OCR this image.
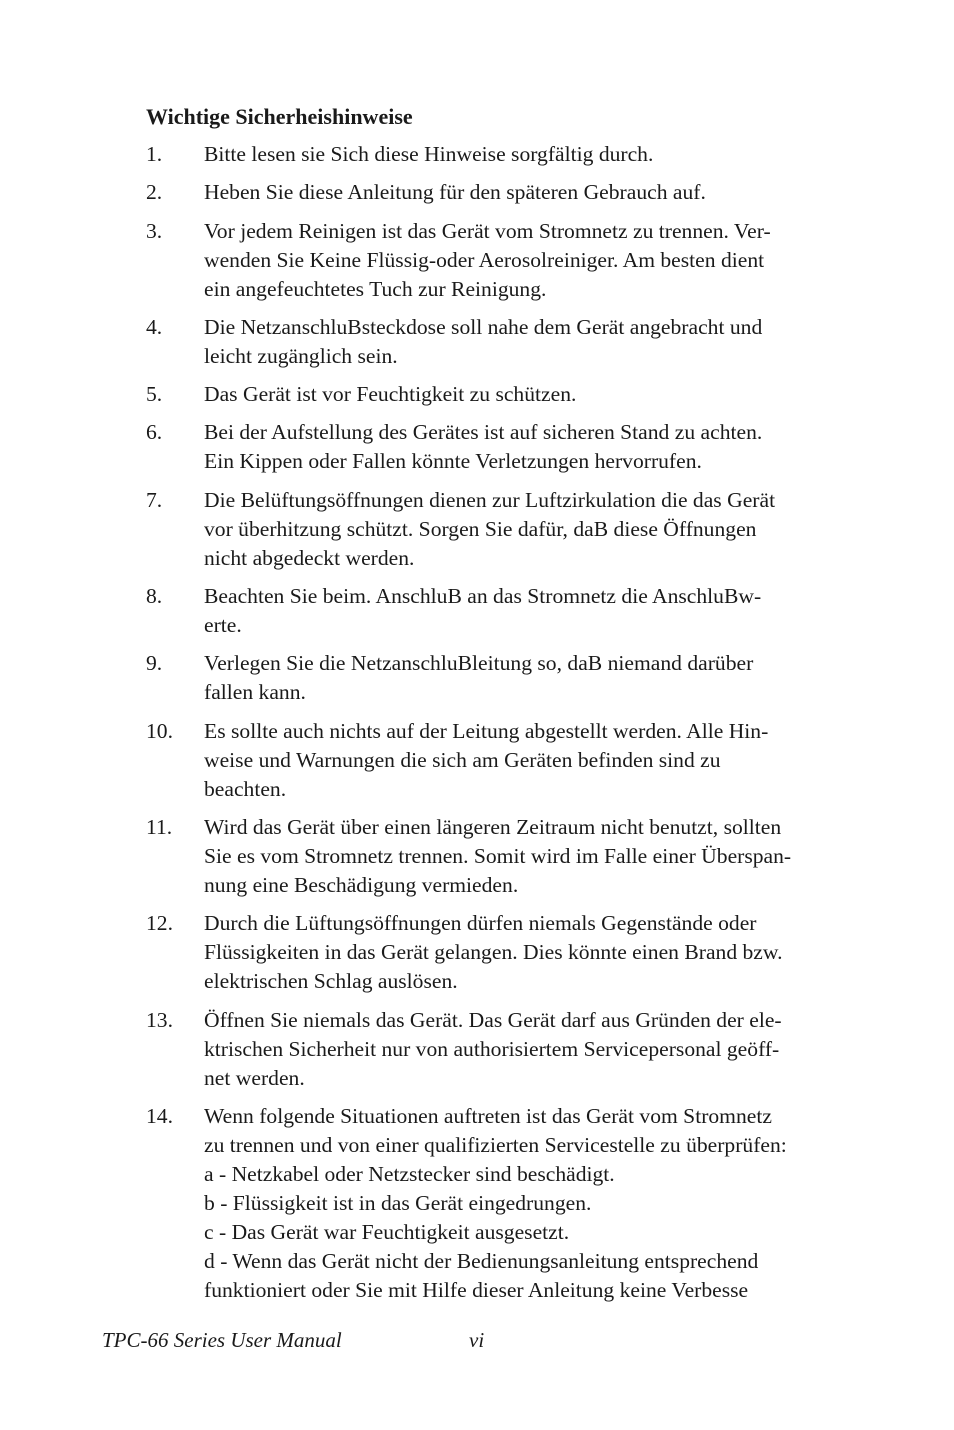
Wichtige Sicherheishinweise
1. Bitte lesen sie Sich diese Hinweise sorgfältig durch.
2. Heben Sie diese Anleitung für den späteren Gebrauch auf.
3. Vor jedem Reinigen ist das Gerät vom Stromnetz zu trennen. Ver-
wenden Sie Keine Flüssig-oder Aerosolreiniger. Am besten dient
ein angefeuchtetes Tuch zur Reinigung.
4. Die NetzanschluBsteckdose soll nahe dem Gerät angebracht und
leicht zugänglich sein.
5. Das Gerät ist vor Feuchtigkeit zu schützen.
6. Bei der Aufstellung des Gerätes ist auf sicheren Stand zu achten.
Ein Kippen oder Fallen könnte Verletzungen hervorrufen.
7. Die Belüftungsöffnungen dienen zur Luftzirkulation die das Gerät
vor überhitzung schützt. Sorgen Sie dafür, daB diese Öffnungen
nicht abgedeckt werden.
8. Beachten Sie beim. AnschluB an das Stromnetz die AnschluBw-
erte.
9. Verlegen Sie die NetzanschluBleitung so, daB niemand darüber
fallen kann.
10. Es sollte auch nichts auf der Leitung abgestellt werden. Alle Hin-
weise und Warnungen die sich am Geräten befinden sind zu
beachten.
11. Wird das Gerät über einen längeren Zeitraum nicht benutzt, sollten
Sie es vom Stromnetz trennen. Somit wird im Falle einer Überspan-
nung eine Beschädigung vermieden.
12. Durch die Lüftungsöffnungen dürfen niemals Gegenstände oder
Flüssigkeiten in das Gerät gelangen. Dies könnte einen Brand bzw.
elektrischen Schlag auslösen.
13. Öffnen Sie niemals das Gerät. Das Gerät darf aus Gründen der ele-
ktrischen Sicherheit nur von authorisiertem Servicepersonal geöff-
net werden.
14. Wenn folgende Situationen auftreten ist das Gerät vom Stromnetz
zu trennen und von einer qualifizierten Servicestelle zu überprüfen:
a - Netzkabel oder Netzstecker sind beschädigt.
b - Flüssigkeit ist in das Gerät eingedrungen.
c - Das Gerät war Feuchtigkeit ausgesetzt.
d - Wenn das Gerät nicht der Bedienungsanleitung entsprechend
funktioniert oder Sie mit Hilfe dieser Anleitung keine Verbesse
TPC-66 Series User Manual	vi
